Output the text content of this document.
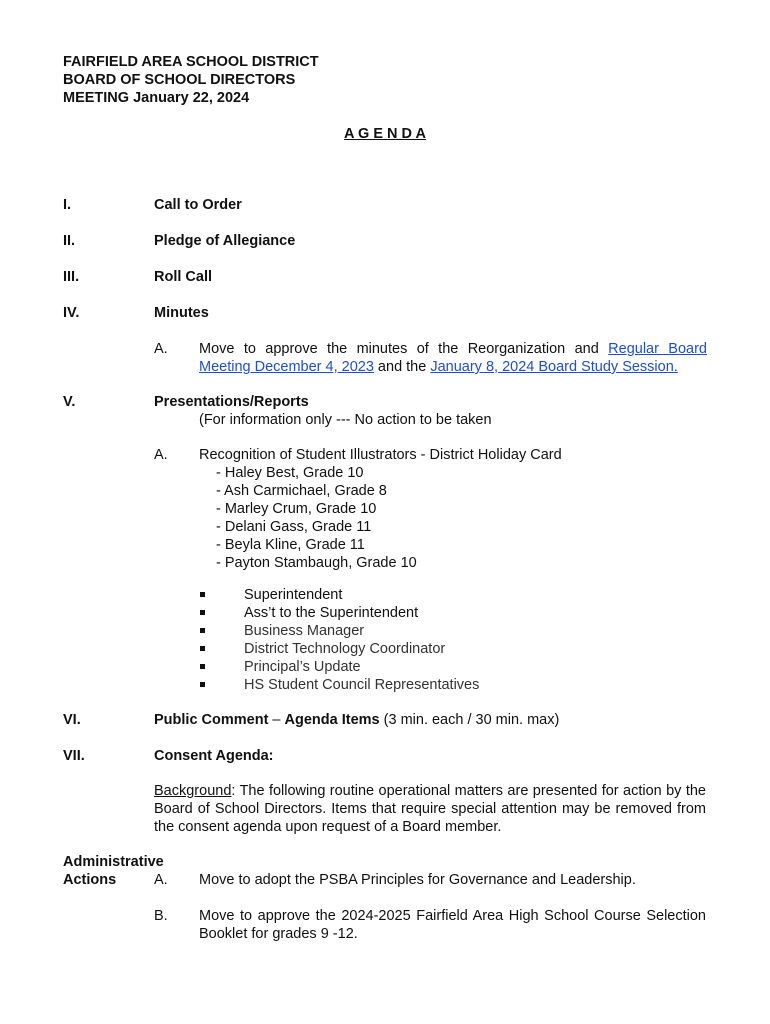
FAIRFIELD AREA SCHOOL DISTRICT
BOARD OF SCHOOL DIRECTORS
MEETING January 22, 2024
A G E N D A
I.	Call to Order
II.	Pledge of Allegiance
III.	Roll Call
IV.	Minutes
A. Move to approve the minutes of the Reorganization and Regular Board Meeting December 4, 2023 and the January 8, 2024 Board Study Session.
V.	Presentations/Reports
(For information only --- No action to be taken
A. Recognition of Student Illustrators - District Holiday Card
- Haley Best, Grade 10
- Ash Carmichael, Grade 8
- Marley Crum, Grade 10
- Delani Gass, Grade 11
- Beyla Kline, Grade 11
- Payton Stambaugh, Grade 10
Superintendent
Ass’t to the Superintendent
Business Manager
District Technology Coordinator
Principal’s Update
HS Student Council Representatives
VI.	Public Comment – Agenda Items (3 min. each / 30 min. max)
VII.	Consent Agenda:
Background: The following routine operational matters are presented for action by the Board of School Directors. Items that require special attention may be removed from the consent agenda upon request of a Board member.
Administrative
Actions	A. Move to adopt the PSBA Principles for Governance and Leadership.
B. Move to approve the 2024-2025 Fairfield Area High School Course Selection Booklet for grades 9 -12.
